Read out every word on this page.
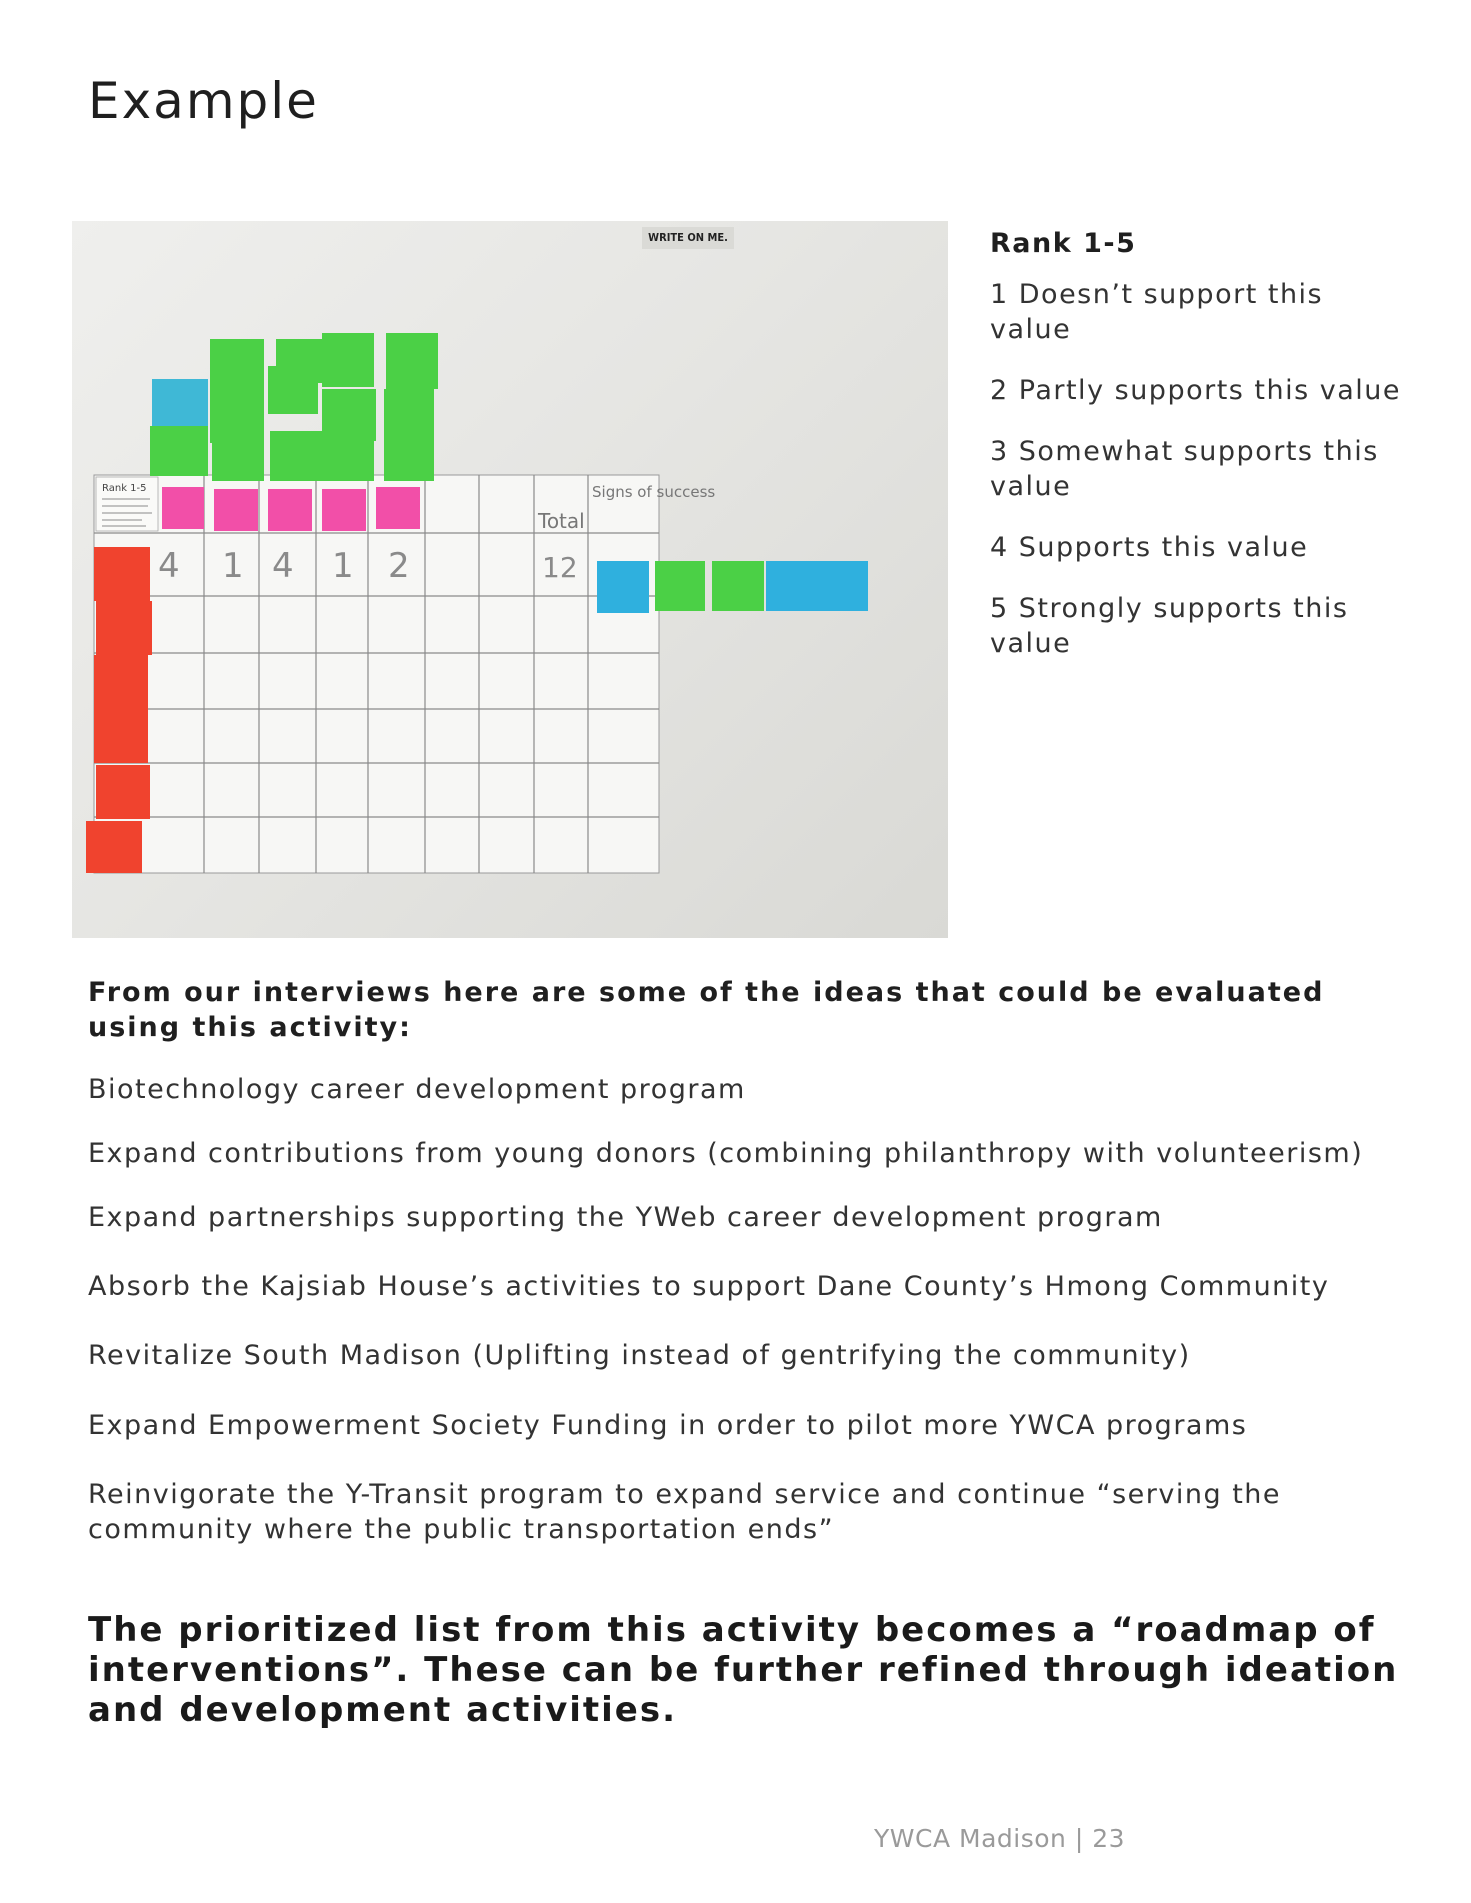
Example
WRITE ON ME.
Rank 1-5
Total
Signs of success
4 1 4 1 2	12

Rank 1-5

1 Doesn’t support this value

2 Partly supports this value

3 Somewhat supports this value

4 Supports this value

5 Strongly supports this value

From our interviews here are some of the ideas that could be evaluated using this activity:

Biotechnology career development program

Expand contributions from young donors (combining philanthropy with volunteerism)

Expand partnerships supporting the YWeb career development program

Absorb the Kajsiab House’s activities to support Dane County’s Hmong Community

Revitalize South Madison (Uplifting instead of gentrifying the community)

Expand Empowerment Society Funding in order to pilot more YWCA programs

Reinvigorate the Y-Transit program to expand service and continue “serving the community where the public transportation ends”

The prioritized list from this activity becomes a “roadmap of interventions”. These can be further refined through ideation and development activities.

YWCA Madison | 23
